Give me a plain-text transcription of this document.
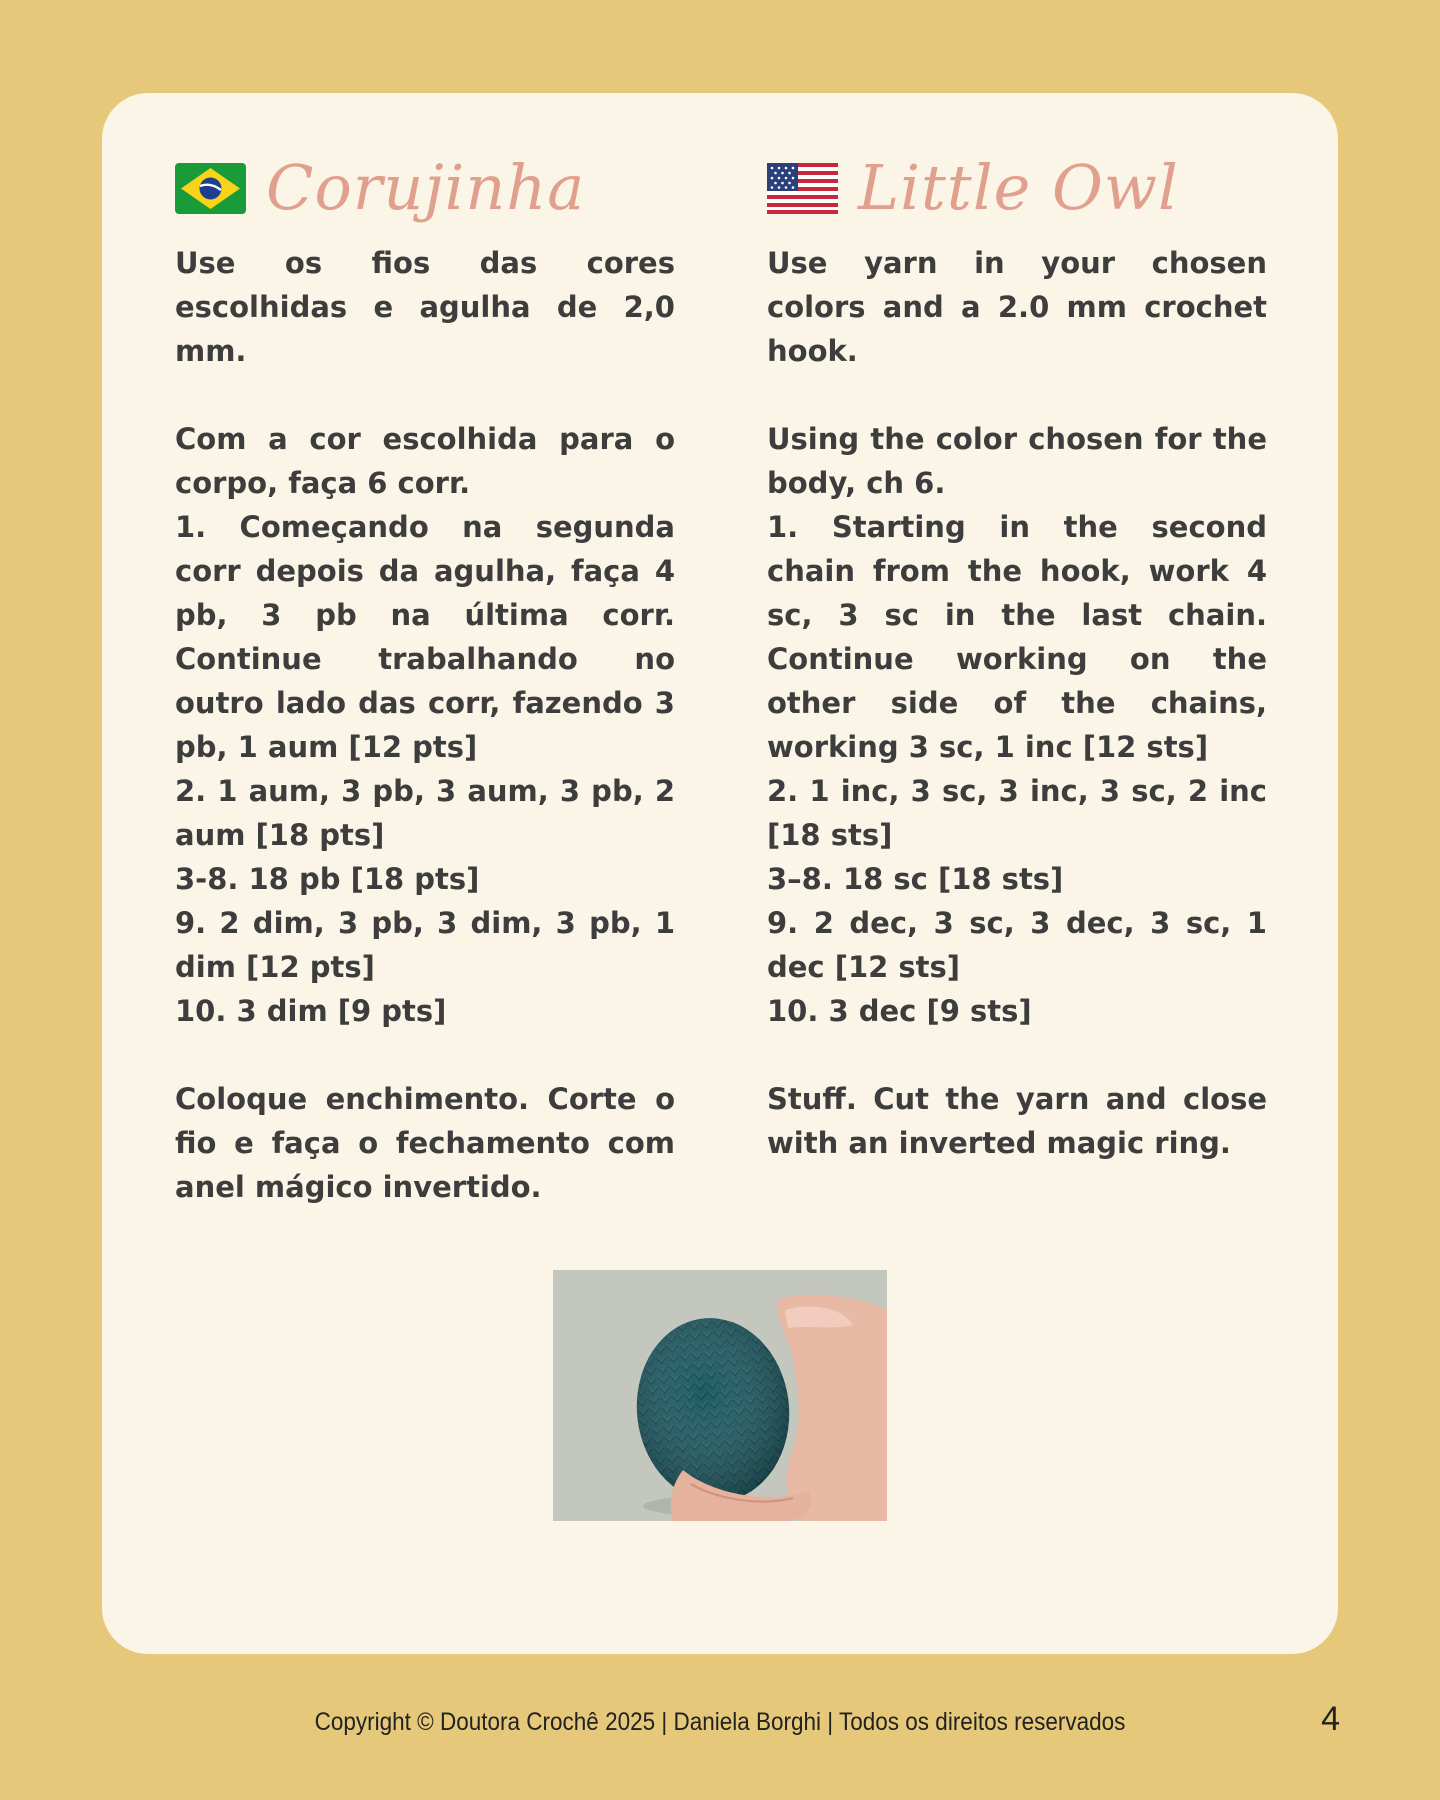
Corujinha

Use os fios das cores escolhidas e agulha de 2,0 mm.

Com a cor escolhida para o corpo, faça 6 corr.

1. Começando na segunda corr depois da agulha, faça 4 pb, 3 pb na última corr. Continue trabalhando no outro lado das corr, fazendo 3 pb, 1 aum [12 pts]

2. 1 aum, 3 pb, 3 aum, 3 pb, 2 aum [18 pts]

3-8. 18 pb [18 pts]

9. 2 dim, 3 pb, 3 dim, 3 pb, 1 dim [12 pts]

10. 3 dim [9 pts]

Coloque enchimento. Corte o fio e faça o fechamento com anel mágico invertido.

Little Owl

Use yarn in your chosen colors and a 2.0 mm crochet hook.

Using the color chosen for the body, ch 6.

1. Starting in the second chain from the hook, work 4 sc, 3 sc in the last chain. Continue working on the other side of the chains, working 3 sc, 1 inc [12 sts]

2. 1 inc, 3 sc, 3 inc, 3 sc, 2 inc [18 sts]

3–8. 18 sc [18 sts]

9. 2 dec, 3 sc, 3 dec, 3 sc, 1 dec [12 sts]

10. 3 dec [9 sts]

Stuff. Cut the yarn and close with an inverted magic ring.

Copyright © Doutora Crochê 2025 | Daniela Borghi | Todos os direitos reservados	4
